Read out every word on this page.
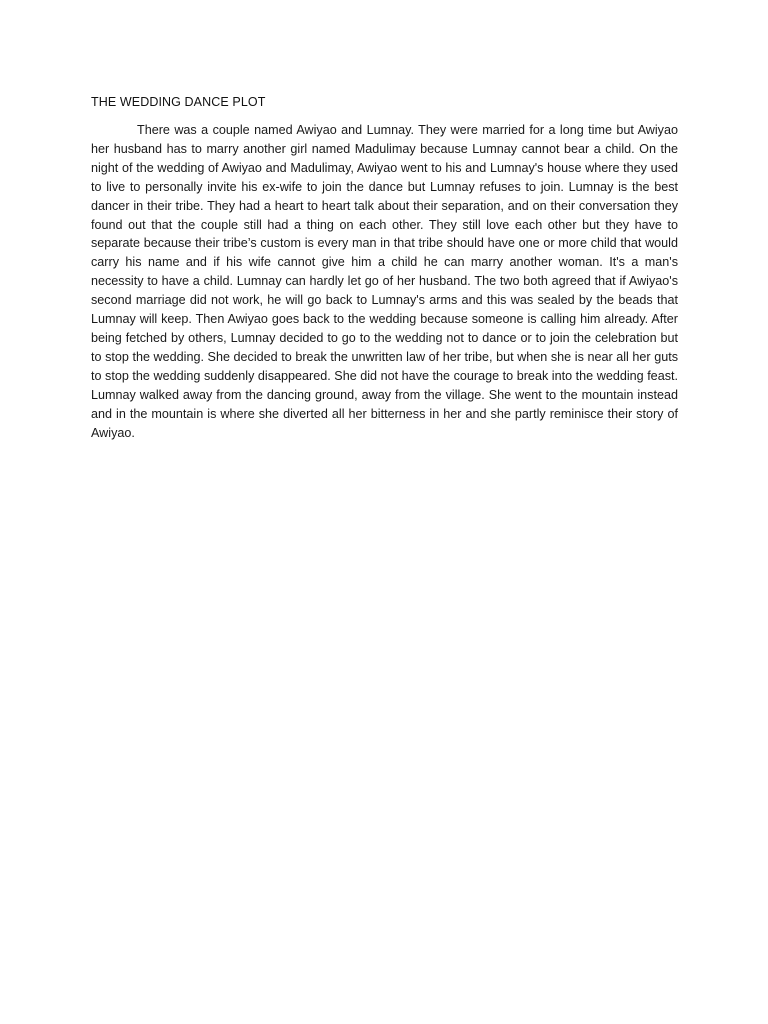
THE WEDDING DANCE PLOT

There was a couple named Awiyao and Lumnay. They were married for a long time but Awiyao her husband has to marry another girl named Madulimay because Lumnay cannot bear a child. On the night of the wedding of Awiyao and Madulimay, Awiyao went to his and Lumnay's house where they used to live to personally invite his ex-wife to join the dance but Lumnay refuses to join. Lumnay is the best dancer in their tribe. They had a heart to heart talk about their separation, and on their conversation they found out that the couple still had a thing on each other. They still love each other but they have to separate because their tribe’s custom is every man in that tribe should have one or more child that would carry his name and if his wife cannot give him a child he can marry another woman. It's a man's necessity to have a child. Lumnay can hardly let go of her husband. The two both agreed that if Awiyao's second marriage did not work, he will go back to Lumnay's arms and this was sealed by the beads that Lumnay will keep. Then Awiyao goes back to the wedding because someone is calling him already. After being fetched by others, Lumnay decided to go to the wedding not to dance or to join the celebration but to stop the wedding. She decided to break the unwritten law of her tribe, but when she is near all her guts to stop the wedding suddenly disappeared. She did not have the courage to break into the wedding feast. Lumnay walked away from the dancing ground, away from the village. She went to the mountain instead and in the mountain is where she diverted all her bitterness in her and she partly reminisce their story of Awiyao.
